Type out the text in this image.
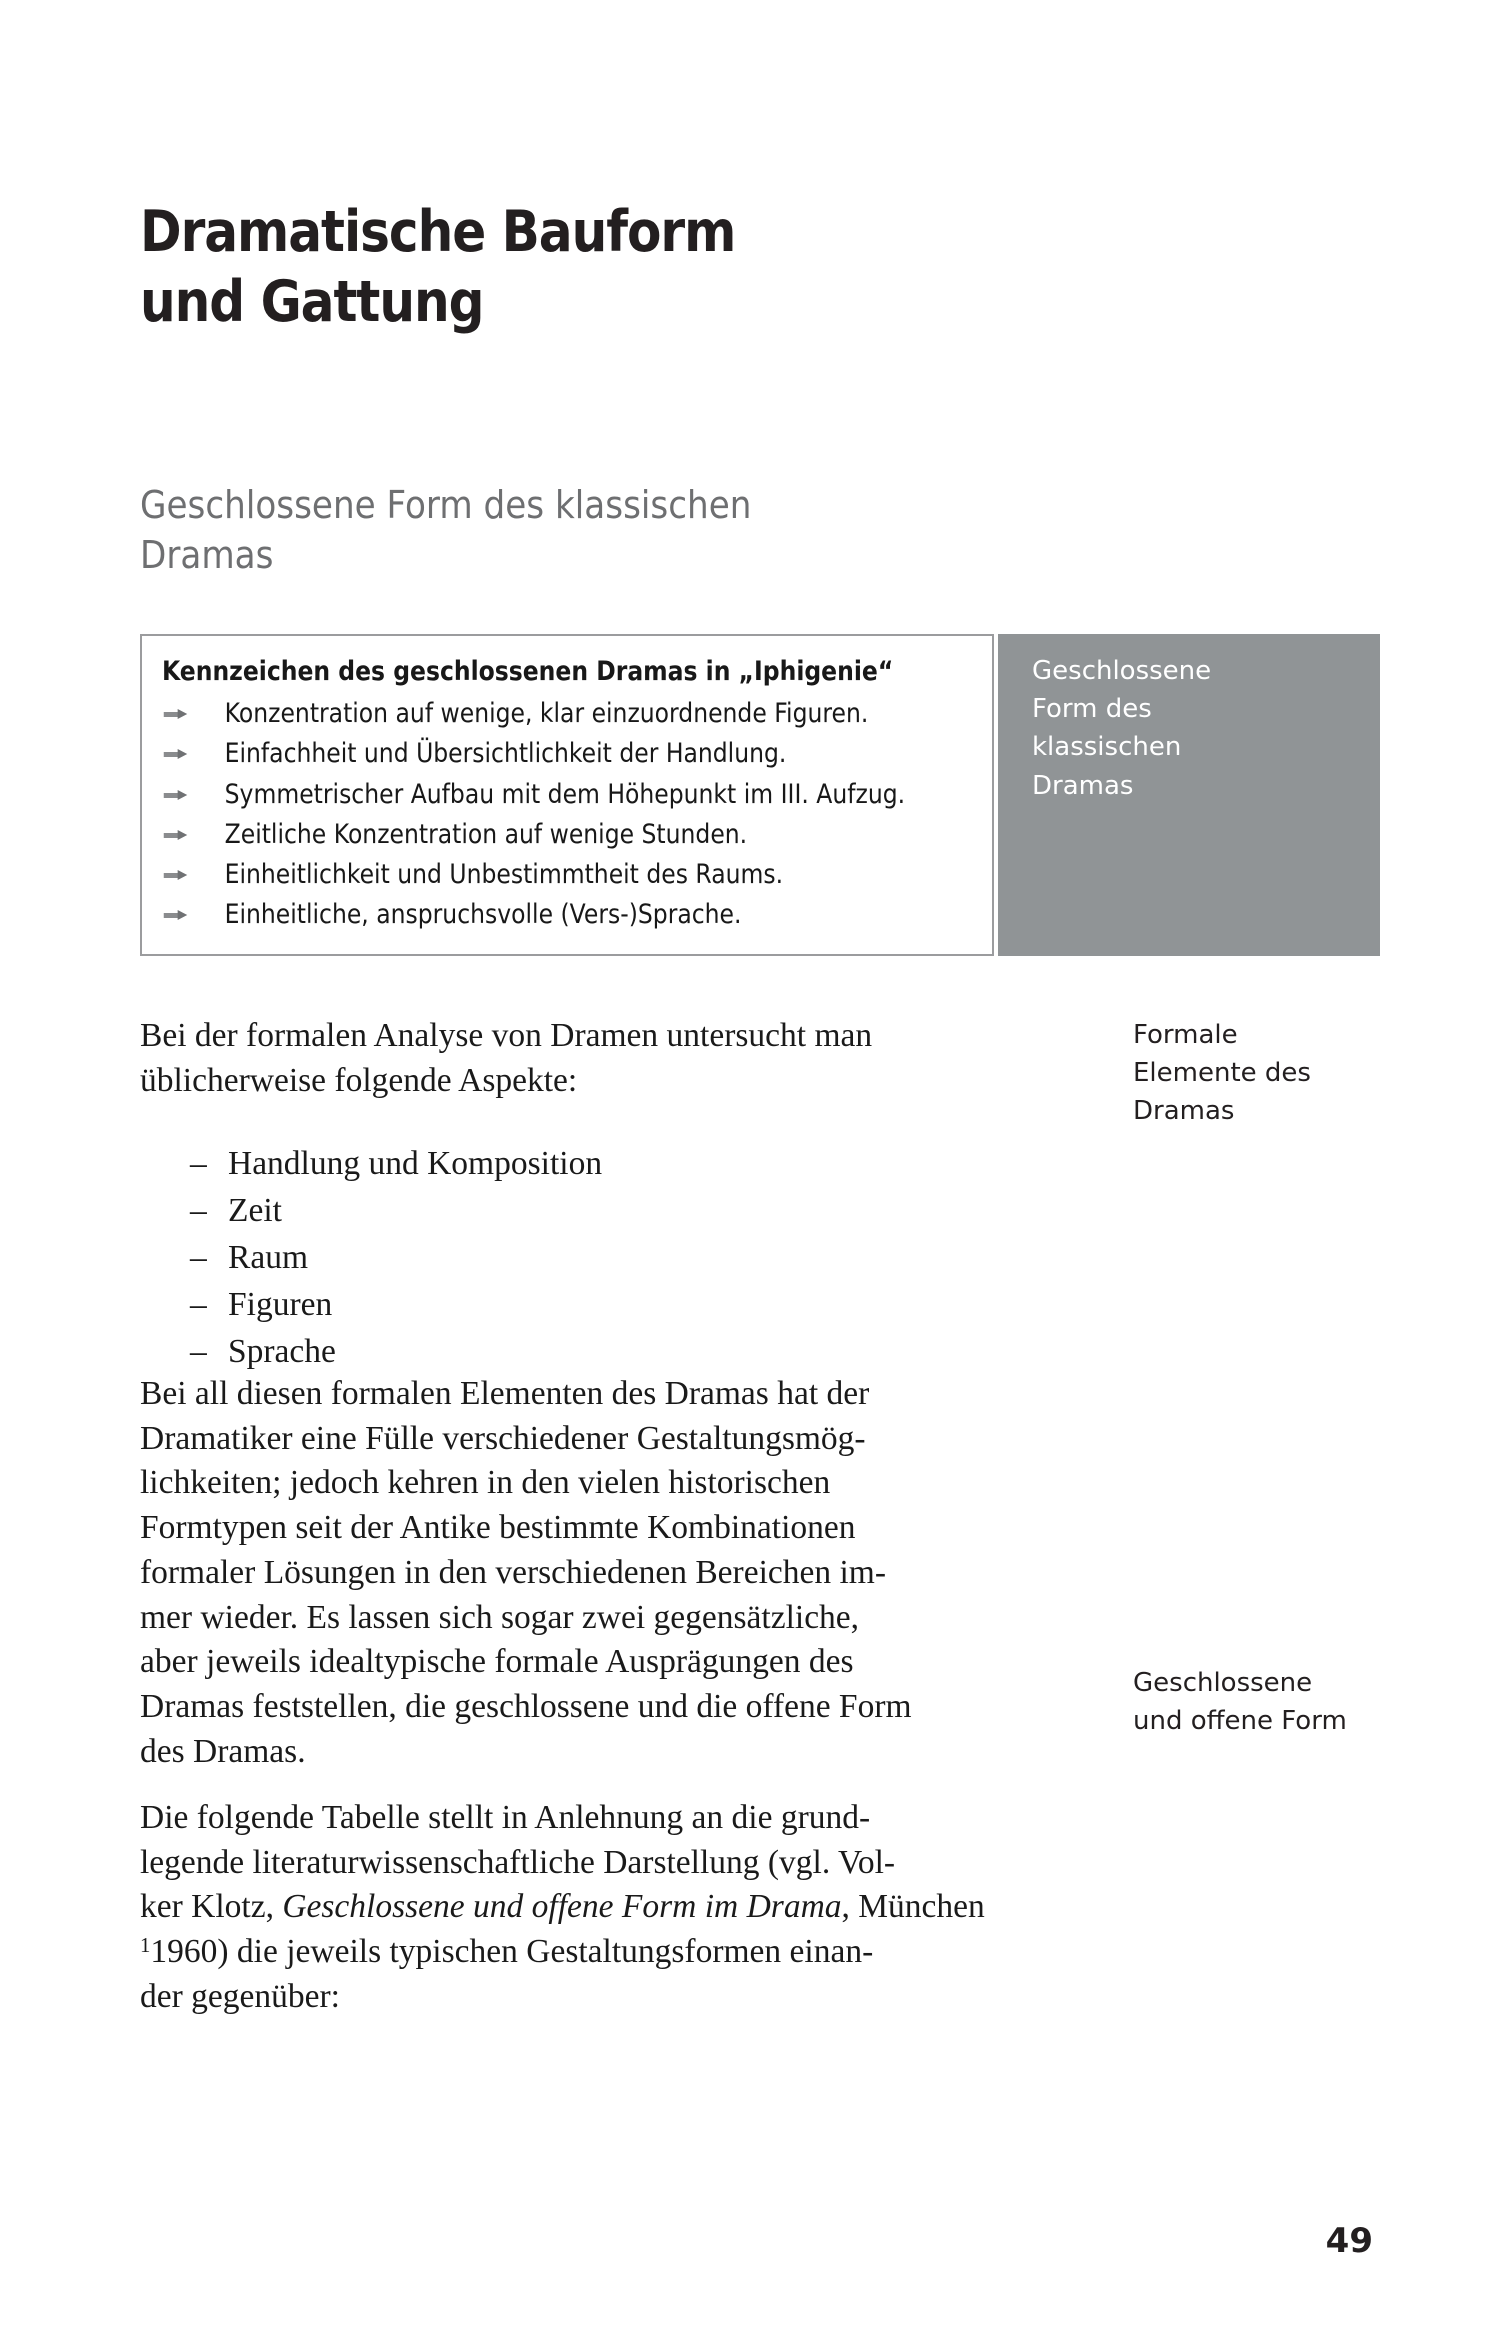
Dramatische Bauform
und Gattung
Geschlossene Form des klassischen
Dramas
Kennzeichen des geschlossenen Dramas in „Iphigenie“
Konzentration auf wenige, klar einzuordnende Figuren.
Einfachheit und Übersichtlichkeit der Handlung.
Symmetrischer Aufbau mit dem Höhepunkt im III. Aufzug.
Zeitliche Konzentration auf wenige Stunden.
Einheitlichkeit und Unbestimmtheit des Raums.
Einheitliche, anspruchsvolle (Vers-)Sprache.
Geschlossene
Form des
klassischen
Dramas

Bei der formalen Analyse von Dramen untersucht man
üblicherweise folgende Aspekte:

– Handlung und Komposition
– Zeit
– Raum
– Figuren
– Sprache

Bei all diesen formalen Elementen des Dramas hat der
Dramatiker eine Fülle verschiedener Gestaltungsmög-
lichkeiten; jedoch kehren in den vielen historischen
Formtypen seit der Antike bestimmte Kombinationen
formaler Lösungen in den verschiedenen Bereichen im-
mer wieder. Es lassen sich sogar zwei gegensätzliche,
aber jeweils idealtypische formale Ausprägungen des
Dramas feststellen, die geschlossene und die offene Form
des Dramas.

Die folgende Tabelle stellt in Anlehnung an die grund-
legende literaturwissenschaftliche Darstellung (vgl. Vol-
ker Klotz, Geschlossene und offene Form im Drama, München
$^1$1960) die jeweils typischen Gestaltungsformen einan-
der gegenüber:

Formale
Elemente des
Dramas
Geschlossene
und offene Form
49
